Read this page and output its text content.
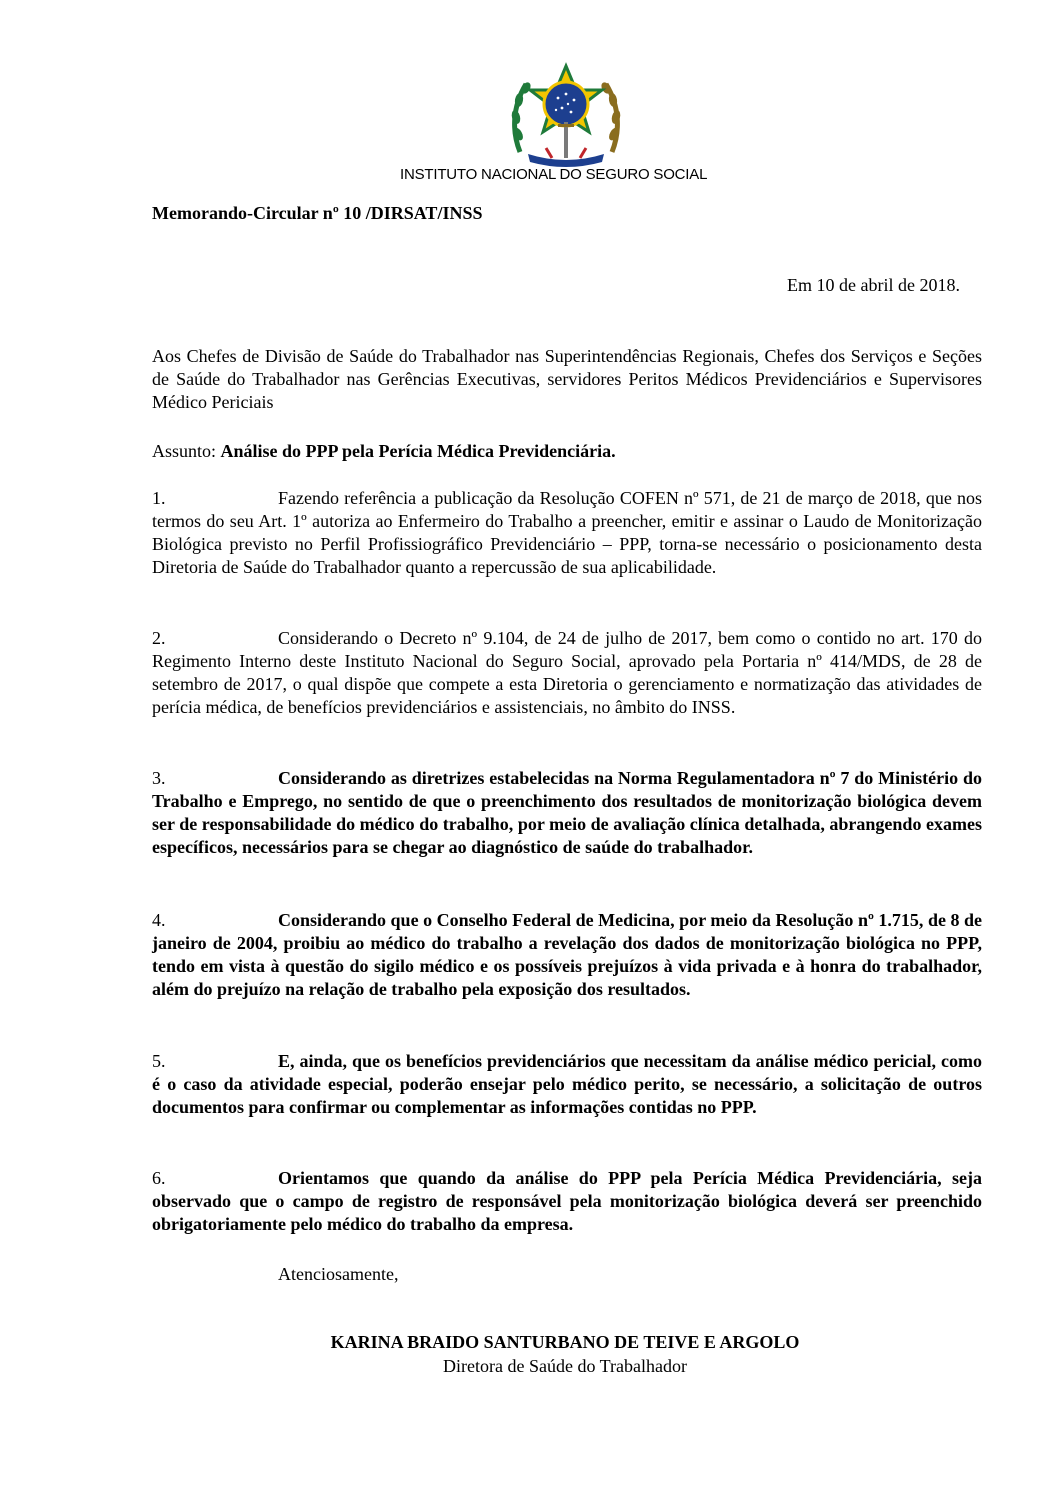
INSTITUTO NACIONAL DO SEGURO SOCIAL
Memorando-Circular nº 10 /DIRSAT/INSS
Em 10 de abril de 2018.

Aos Chefes de Divisão de Saúde do Trabalhador nas Superintendências Regionais, Chefes dos Serviços e Seções de Saúde do Trabalhador nas Gerências Executivas, servidores Peritos Médicos Previdenciários e Supervisores Médico Periciais

Assunto: Análise do PPP pela Perícia Médica Previdenciária.

1.	Fazendo referência a publicação da Resolução COFEN nº 571, de 21 de março de 2018, que nos termos do seu Art. 1º autoriza ao Enfermeiro do Trabalho a preencher, emitir e assinar o Laudo de Monitorização Biológica previsto no Perfil Profissiográfico Previdenciário – PPP, torna-se necessário o posicionamento desta Diretoria de Saúde do Trabalhador quanto a repercussão de sua aplicabilidade.

2.	Considerando o Decreto nº 9.104, de 24 de julho de 2017, bem como o contido no art. 170 do Regimento Interno deste Instituto Nacional do Seguro Social, aprovado pela Portaria nº 414/MDS, de 28 de setembro de 2017, o qual dispõe que compete a esta Diretoria o gerenciamento e normatização das atividades de perícia médica, de benefícios previdenciários e assistenciais, no âmbito do INSS.

3.	Considerando as diretrizes estabelecidas na Norma Regulamentadora nº 7 do Ministério do Trabalho e Emprego, no sentido de que o preenchimento dos resultados de monitorização biológica devem ser de responsabilidade do médico do trabalho, por meio de avaliação clínica detalhada, abrangendo exames específicos, necessários para se chegar ao diagnóstico de saúde do trabalhador.

4.	Considerando que o Conselho Federal de Medicina, por meio da Resolução nº 1.715, de 8 de janeiro de 2004, proibiu ao médico do trabalho a revelação dos dados de monitorização biológica no PPP, tendo em vista à questão do sigilo médico e os possíveis prejuízos à vida privada e à honra do trabalhador, além do prejuízo na relação de trabalho pela exposição dos resultados.

5.	E, ainda, que os benefícios previdenciários que necessitam da análise médico pericial, como é o caso da atividade especial, poderão ensejar pelo médico perito, se necessário, a solicitação de outros documentos para confirmar ou complementar as informações contidas no PPP.

6.	Orientamos que quando da análise do PPP pela Perícia Médica Previdenciária, seja observado que o campo de registro de responsável pela monitorização biológica deverá ser preenchido obrigatoriamente pelo médico do trabalho da empresa.

Atenciosamente,
KARINA BRAIDO SANTURBANO DE TEIVE E ARGOLO
Diretora de Saúde do Trabalhador
